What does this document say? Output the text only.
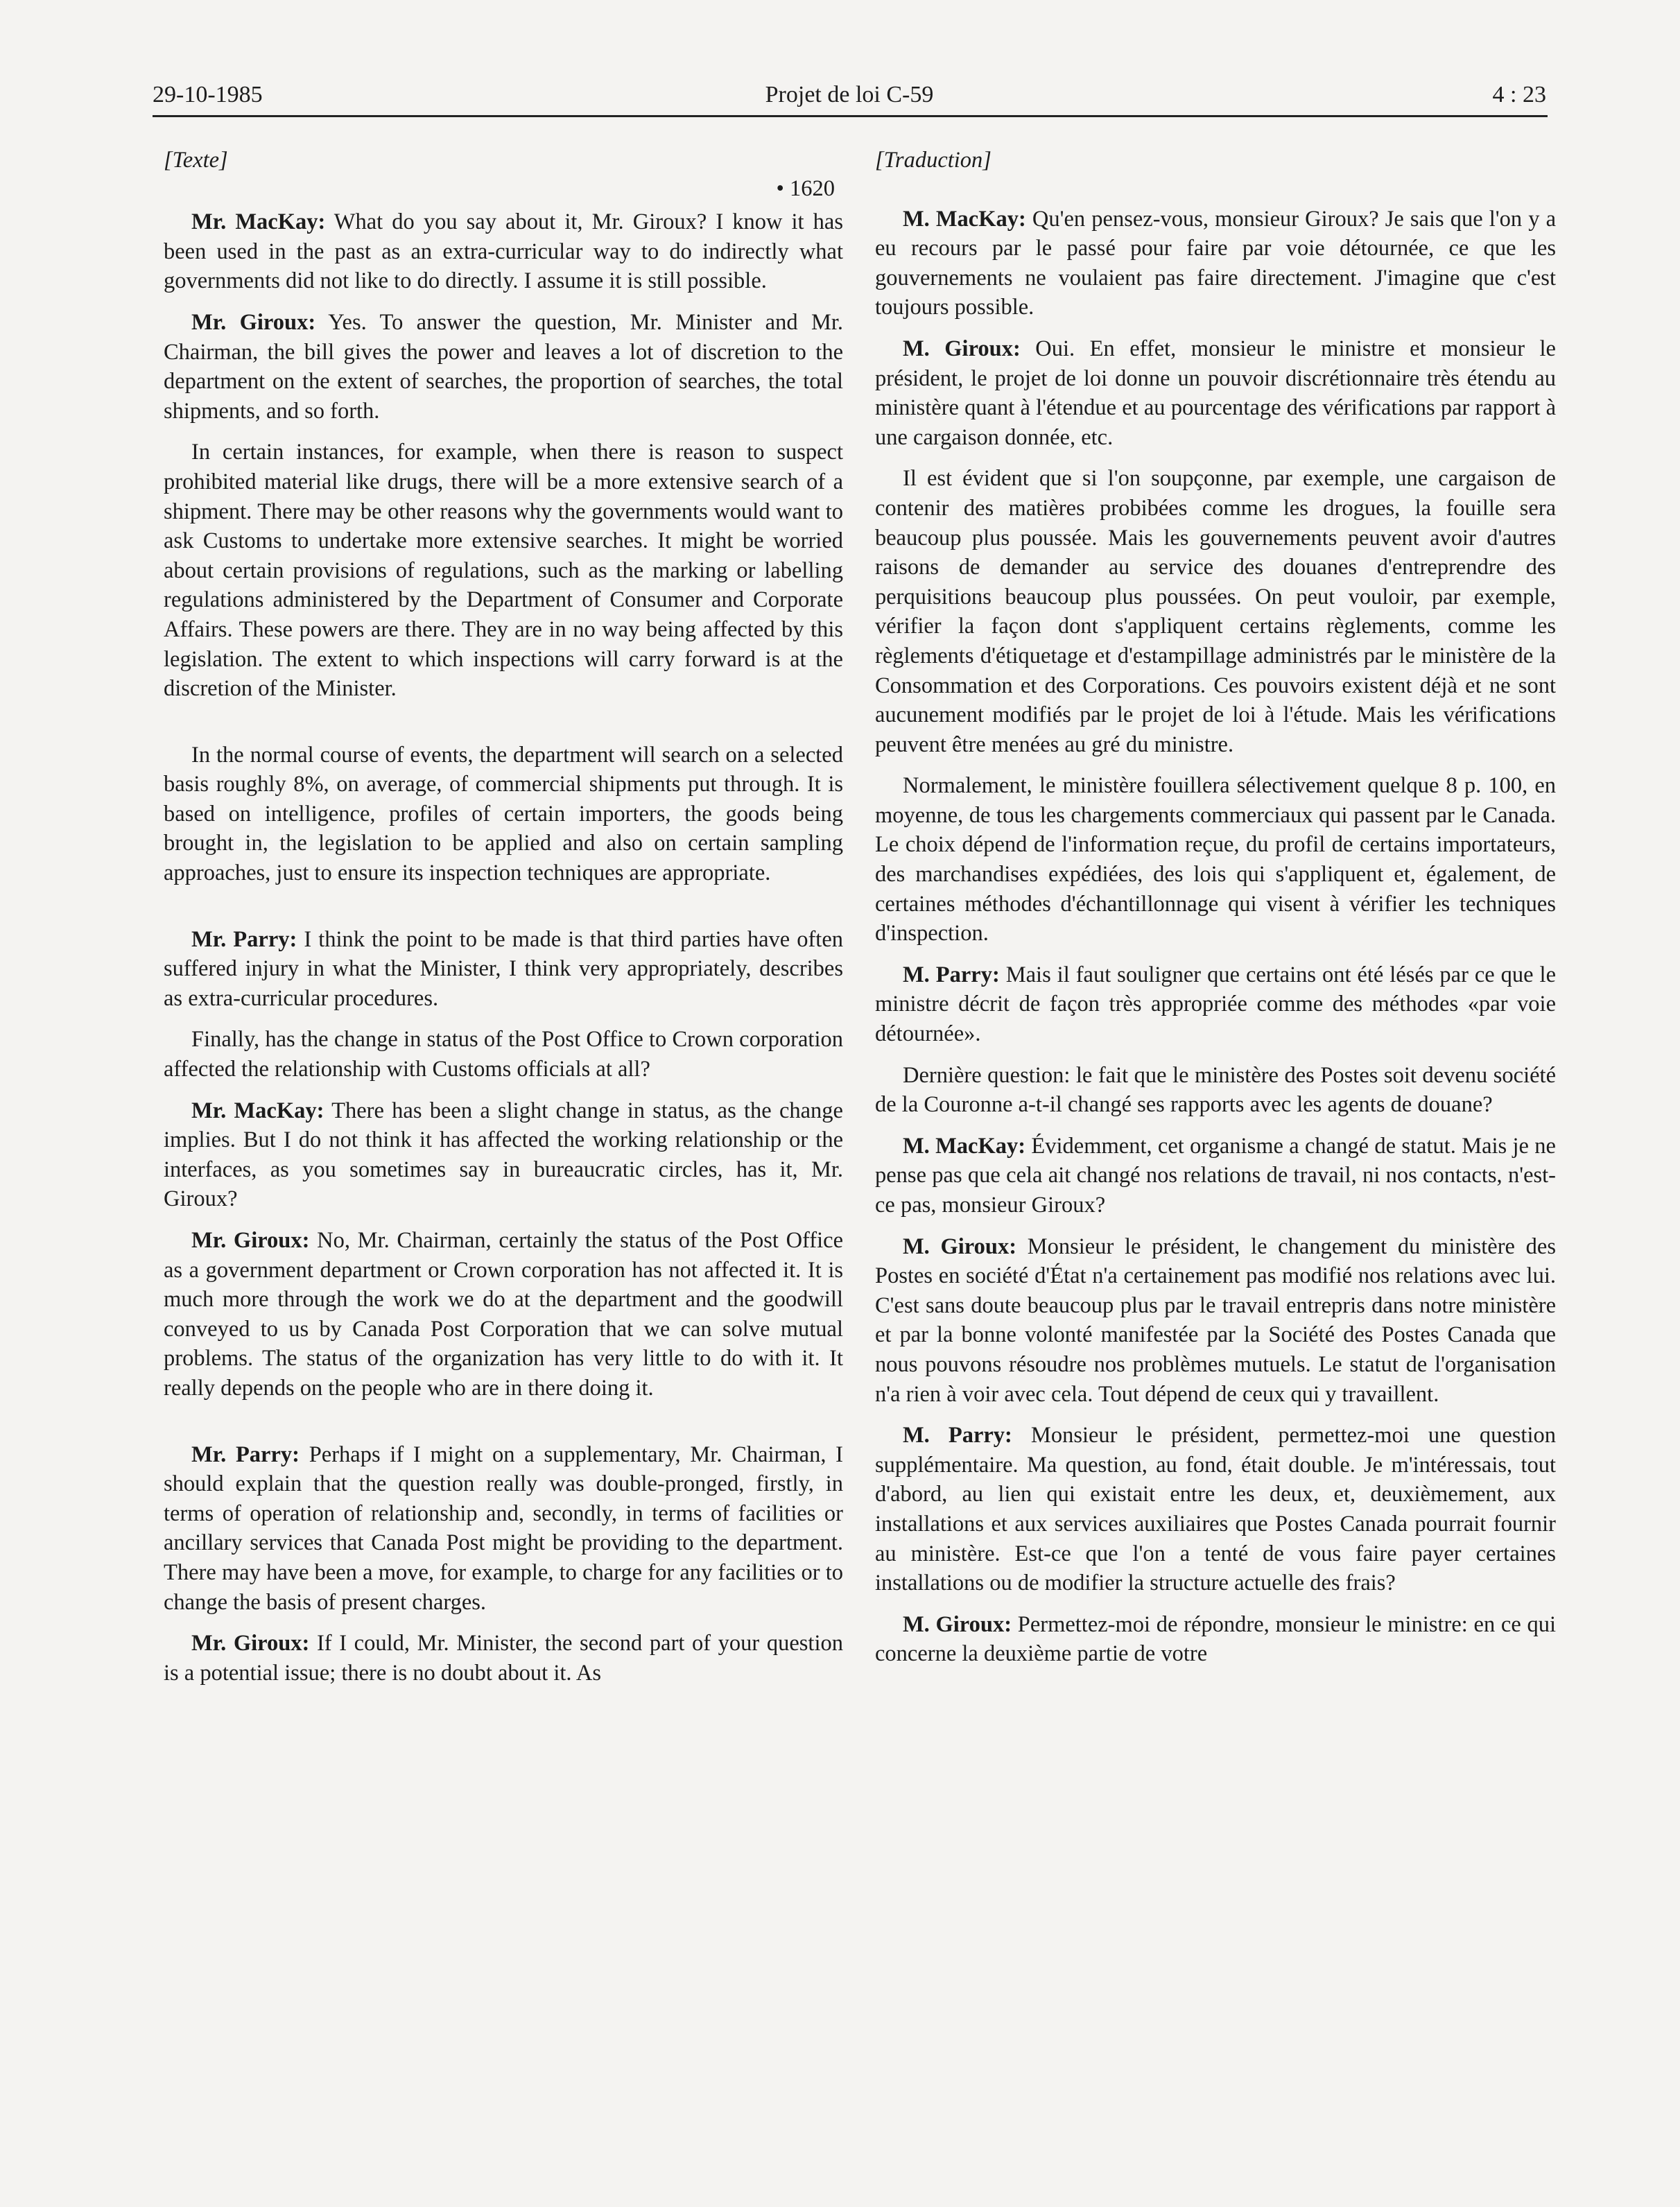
29-10-1985	Projet de loi C-59	4 : 23

[Texte]

• 1620

Mr. MacKay: What do you say about it, Mr. Giroux? I know it has been used in the past as an extra-curricular way to do indirectly what governments did not like to do directly. I assume it is still possible.

Mr. Giroux: Yes. To answer the question, Mr. Minister and Mr. Chairman, the bill gives the power and leaves a lot of discretion to the department on the extent of searches, the proportion of searches, the total shipments, and so forth.

In certain instances, for example, when there is reason to suspect prohibited material like drugs, there will be a more extensive search of a shipment. There may be other reasons why the governments would want to ask Customs to undertake more extensive searches. It might be worried about certain provisions of regulations, such as the marking or labelling regulations administered by the Department of Consumer and Corporate Affairs. These powers are there. They are in no way being affected by this legislation. The extent to which inspections will carry forward is at the discretion of the Minister.

In the normal course of events, the department will search on a selected basis roughly 8%, on average, of commercial shipments put through. It is based on intelligence, profiles of certain importers, the goods being brought in, the legislation to be applied and also on certain sampling approaches, just to ensure its inspection techniques are appropriate.

Mr. Parry: I think the point to be made is that third parties have often suffered injury in what the Minister, I think very appropriately, describes as extra-curricular procedures.

Finally, has the change in status of the Post Office to Crown corporation affected the relationship with Customs officials at all?

Mr. MacKay: There has been a slight change in status, as the change implies. But I do not think it has affected the working relationship or the interfaces, as you sometimes say in bureaucratic circles, has it, Mr. Giroux?

Mr. Giroux: No, Mr. Chairman, certainly the status of the Post Office as a government department or Crown corporation has not affected it. It is much more through the work we do at the department and the goodwill conveyed to us by Canada Post Corporation that we can solve mutual problems. The status of the organization has very little to do with it. It really depends on the people who are in there doing it.

Mr. Parry: Perhaps if I might on a supplementary, Mr. Chairman, I should explain that the question really was double-pronged, firstly, in terms of operation of relationship and, secondly, in terms of facilities or ancillary services that Canada Post might be providing to the department. There may have been a move, for example, to charge for any facilities or to change the basis of present charges.

Mr. Giroux: If I could, Mr. Minister, the second part of your question is a potential issue; there is no doubt about it. As

[Traduction]

M. MacKay: Qu'en pensez-vous, monsieur Giroux? Je sais que l'on y a eu recours par le passé pour faire par voie détournée, ce que les gouvernements ne voulaient pas faire directement. J'imagine que c'est toujours possible.

M. Giroux: Oui. En effet, monsieur le ministre et monsieur le président, le projet de loi donne un pouvoir discrétionnaire très étendu au ministère quant à l'étendue et au pourcentage des vérifications par rapport à une cargaison donnée, etc.

Il est évident que si l'on soupçonne, par exemple, une cargaison de contenir des matières probibées comme les drogues, la fouille sera beaucoup plus poussée. Mais les gouvernements peuvent avoir d'autres raisons de demander au service des douanes d'entreprendre des perquisitions beaucoup plus poussées. On peut vouloir, par exemple, vérifier la façon dont s'appliquent certains règlements, comme les règlements d'étiquetage et d'estampillage administrés par le ministère de la Consommation et des Corporations. Ces pouvoirs existent déjà et ne sont aucunement modifiés par le projet de loi à l'étude. Mais les vérifications peuvent être menées au gré du ministre.

Normalement, le ministère fouillera sélectivement quelque 8 p. 100, en moyenne, de tous les chargements commerciaux qui passent par le Canada. Le choix dépend de l'information reçue, du profil de certains importateurs, des marchandises expédiées, des lois qui s'appliquent et, également, de certaines méthodes d'échantillonnage qui visent à vérifier les techniques d'inspection.

M. Parry: Mais il faut souligner que certains ont été lésés par ce que le ministre décrit de façon très appropriée comme des méthodes «par voie détournée».

Dernière question: le fait que le ministère des Postes soit devenu société de la Couronne a-t-il changé ses rapports avec les agents de douane?

M. MacKay: Évidemment, cet organisme a changé de statut. Mais je ne pense pas que cela ait changé nos relations de travail, ni nos contacts, n'est-ce pas, monsieur Giroux?

M. Giroux: Monsieur le président, le changement du ministère des Postes en société d'État n'a certainement pas modifié nos relations avec lui. C'est sans doute beaucoup plus par le travail entrepris dans notre ministère et par la bonne volonté manifestée par la Société des Postes Canada que nous pouvons résoudre nos problèmes mutuels. Le statut de l'organisation n'a rien à voir avec cela. Tout dépend de ceux qui y travaillent.

M. Parry: Monsieur le président, permettez-moi une question supplémentaire. Ma question, au fond, était double. Je m'intéressais, tout d'abord, au lien qui existait entre les deux, et, deuxièmement, aux installations et aux services auxiliaires que Postes Canada pourrait fournir au ministère. Est-ce que l'on a tenté de vous faire payer certaines installations ou de modifier la structure actuelle des frais?

M. Giroux: Permettez-moi de répondre, monsieur le ministre: en ce qui concerne la deuxième partie de votre
